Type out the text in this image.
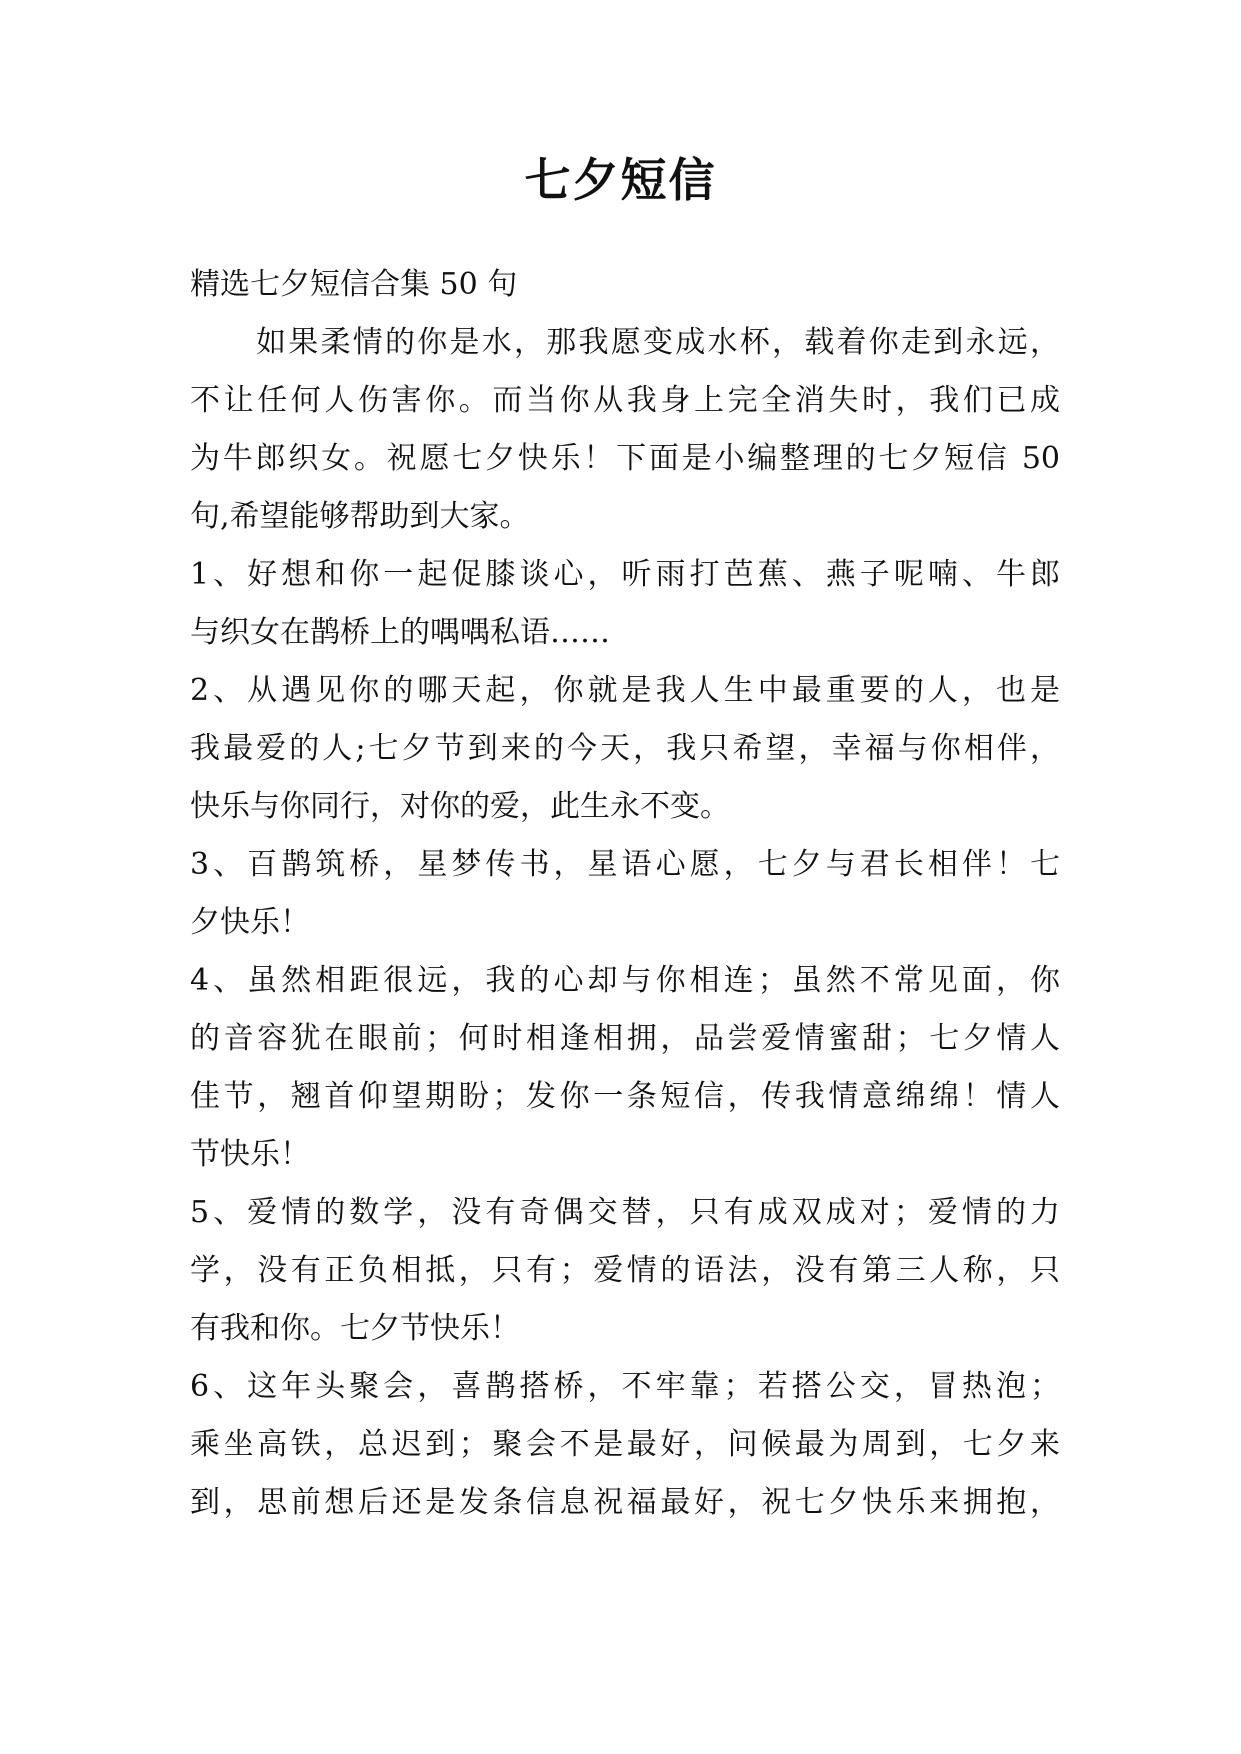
七夕短信
精选七夕短信合集 50 句
如果柔情的你是水，那我愿变成水杯，载着你走到永远，
不让任何人伤害你。而当你从我身上完全消失时，我们已成
为牛郎织女。祝愿七夕快乐！下面是小编整理的七夕短信 50
句,希望能够帮助到大家。
1、好想和你一起促膝谈心，听雨打芭蕉、燕子呢喃、牛郎
与织女在鹊桥上的喁喁私语……
2、从遇见你的哪天起，你就是我人生中最重要的人，也是
我最爱的人;七夕节到来的今天，我只希望，幸福与你相伴，
快乐与你同行，对你的爱，此生永不变。
3、百鹊筑桥，星梦传书，星语心愿，七夕与君长相伴！七
夕快乐！
4、虽然相距很远，我的心却与你相连；虽然不常见面，你
的音容犹在眼前；何时相逢相拥，品尝爱情蜜甜；七夕情人
佳节，翘首仰望期盼；发你一条短信，传我情意绵绵！情人
节快乐！
5、爱情的数学，没有奇偶交替，只有成双成对；爱情的力
学，没有正负相抵，只有；爱情的语法，没有第三人称，只
有我和你。七夕节快乐！
6、这年头聚会，喜鹊搭桥，不牢靠；若搭公交，冒热泡；
乘坐高铁，总迟到；聚会不是最好，问候最为周到，七夕来
到，思前想后还是发条信息祝福最好，祝七夕快乐来拥抱，
